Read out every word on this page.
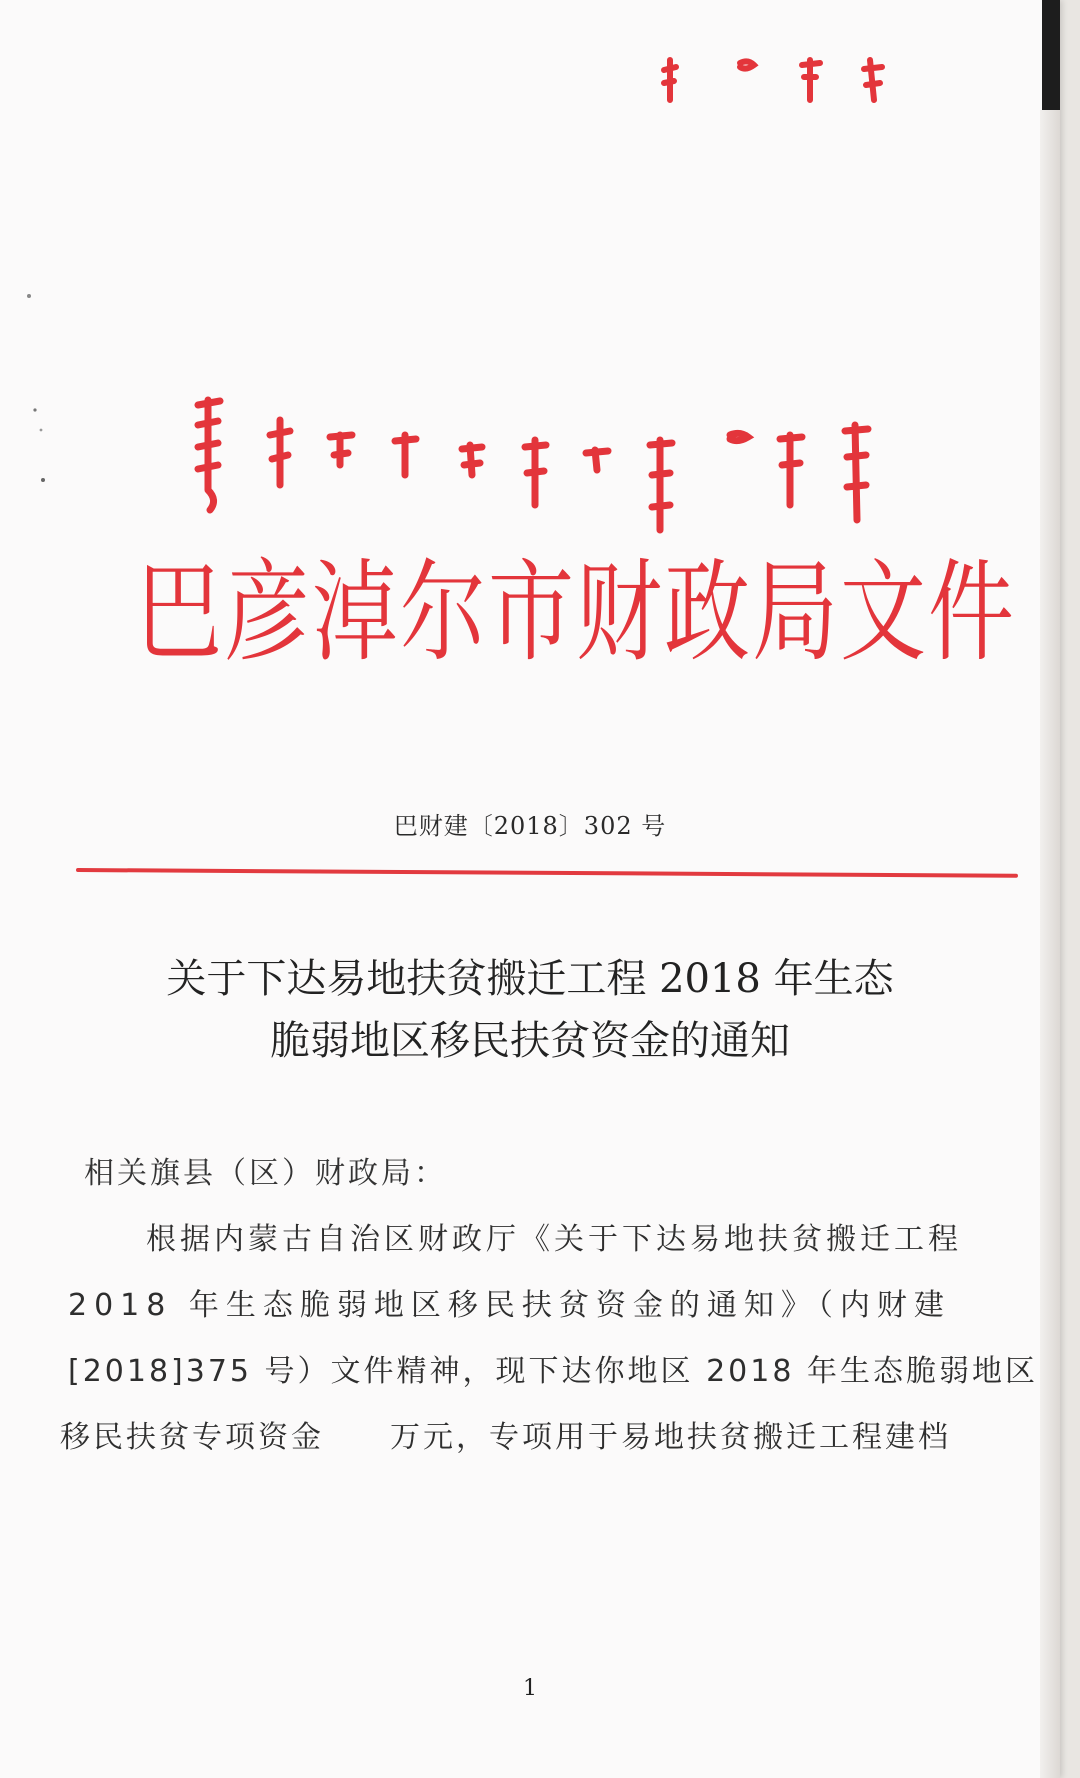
巴彦淖尔市财政局文件
巴财建〔2018〕302 号
关于下达易地扶贫搬迁工程 2018 年生态
脆弱地区移民扶贫资金的通知
相关旗县（区）财政局：
根据内蒙古自治区财政厅《关于下达易地扶贫搬迁工程
2018 年生态脆弱地区移民扶贫资金的通知》（内财建
[2018]375 号）文件精神，现下达你地区 2018 年生态脆弱地区
移民扶贫专项资金　　万元，专项用于易地扶贫搬迁工程建档
1
